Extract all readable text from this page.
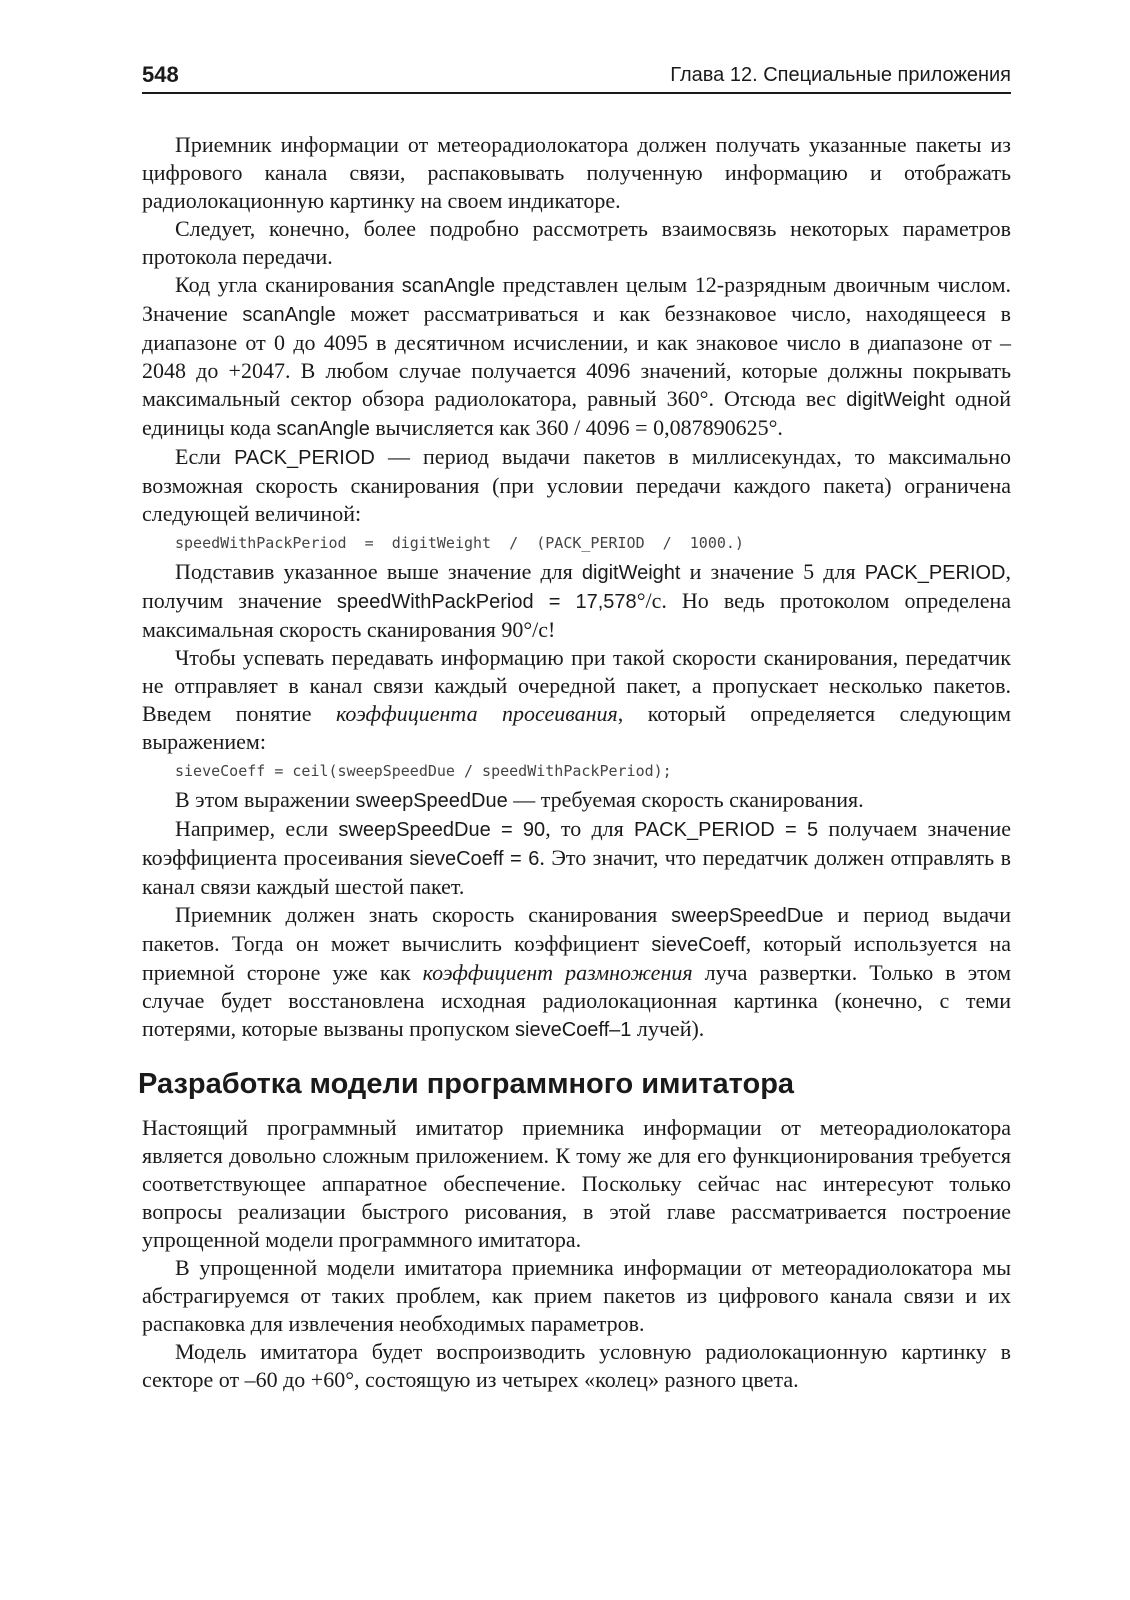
548	Глава 12. Специальные приложения

Приемник информации от метеорадиолокатора должен получать указанные пакеты из цифрового канала связи, распаковывать полученную информацию и отображать радиолокационную картинку на своем индикаторе.

Следует, конечно, более подробно рассмотреть взаимосвязь некоторых параметров протокола передачи.

Код угла сканирования scanAngle представлен целым 12-разрядным двоичным числом. Значение scanAngle может рассматриваться и как беззнаковое число, находящееся в диапазоне от 0 до 4095 в десятичном исчислении, и как знаковое число в диапазоне от –2048 до +2047. В любом случае получается 4096 значений, которые должны покрывать максимальный сектор обзора радиолокатора, равный 360°. Отсюда вес digitWeight одной единицы кода scanAngle вычисляется как 360 / 4096 = 0,087890625°.

Если PACK_PERIOD — период выдачи пакетов в миллисекундах, то максимально возможная скорость сканирования (при условии передачи каждого пакета) ограничена следующей величиной:

speedWithPackPeriod  =  digitWeight  /  (PACK_PERIOD  /  1000.)

Подставив указанное выше значение для digitWeight и значение 5 для PACK_PERIOD, получим значение speedWithPackPeriod = 17,578°/с. Но ведь протоколом определена максимальная скорость сканирования 90°/с!

Чтобы успевать передавать информацию при такой скорости сканирования, передатчик не отправляет в канал связи каждый очередной пакет, а пропускает несколько пакетов. Введем понятие коэффициента просеивания, который определяется следующим выражением:

sieveCoeff = ceil(sweepSpeedDue / speedWithPackPeriod);

В этом выражении sweepSpeedDue — требуемая скорость сканирования.

Например, если sweepSpeedDue = 90, то для PACK_PERIOD = 5 получаем значение коэффициента просеивания sieveCoeff = 6. Это значит, что передатчик должен отправлять в канал связи каждый шестой пакет.

Приемник должен знать скорость сканирования sweepSpeedDue и период выдачи пакетов. Тогда он может вычислить коэффициент sieveCoeff, который используется на приемной стороне уже как коэффициент размножения луча развертки. Только в этом случае будет восстановлена исходная радиолокационная картинка (конечно, с теми потерями, которые вызваны пропуском sieveCoeff–1 лучей).

Разработка модели программного имитатора

Настоящий программный имитатор приемника информации от метеорадиолокатора является довольно сложным приложением. К тому же для его функционирования требуется соответствующее аппаратное обеспечение. Поскольку сейчас нас интересуют только вопросы реализации быстрого рисования, в этой главе рассматривается построение упрощенной модели программного имитатора.

В упрощенной модели имитатора приемника информации от метеорадиолокатора мы абстрагируемся от таких проблем, как прием пакетов из цифрового канала связи и их распаковка для извлечения необходимых параметров.

Модель имитатора будет воспроизводить условную радиолокационную картинку в секторе от –60 до +60°, состоящую из четырех «колец» разного цвета.
